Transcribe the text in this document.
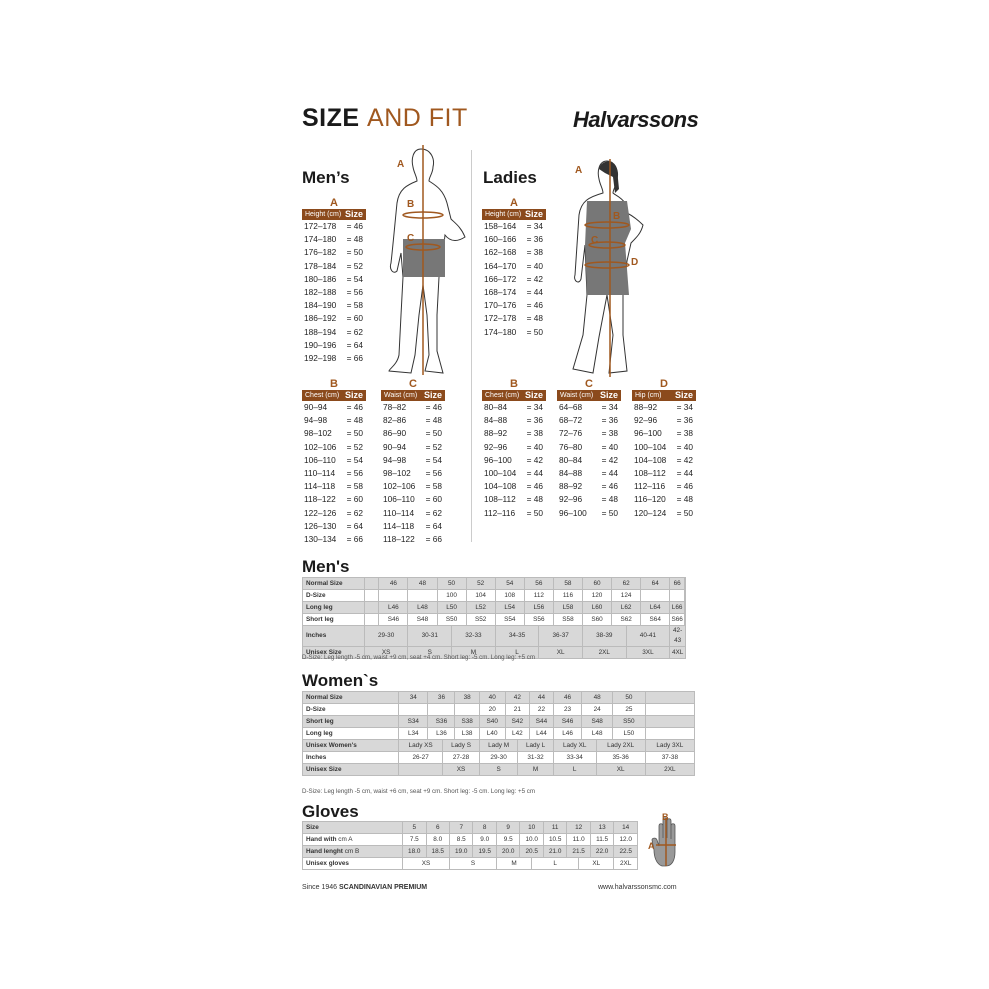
SIZE AND FIT	Halvarssons
Men’s	Ladies
A
B
C
A
B
C
D
A
Height (cm) Size
172–178 = 46
174–180 = 48
176–182 = 50
178–184 = 52
180–186 = 54
182–188 = 56
184–190 = 58
186–192 = 60
188–194 = 62
190–196 = 64
192–198 = 66
B
Chest (cm) Size
90–94 = 46
94–98 = 48
98–102 = 50
102–106 = 52
106–110 = 54
110–114 = 56
114–118 = 58
118–122 = 60
122–126 = 62
126–130 = 64
130–134 = 66
C
Waist (cm) Size
78–82 = 46
82–86 = 48
86–90 = 50
90–94 = 52
94–98 = 54
98–102 = 56
102–106 = 58
106–110 = 60
110–114 = 62
114–118 = 64
118–122 = 66
A
Height (cm) Size
158–164 = 34
160–166 = 36
162–168 = 38
164–170 = 40
166–172 = 42
168–174 = 44
170–176 = 46
172–178 = 48
174–180 = 50
B
Chest (cm) Size
80–84 = 34
84–88 = 36
88–92 = 38
92–96 = 40
96–100 = 42
100–104 = 44
104–108 = 46
108–112 = 48
112–116 = 50
C
Waist (cm) Size
64–68 = 34
68–72 = 36
72–76 = 38
76–80 = 40
80–84 = 42
84–88 = 44
88–92 = 46
92–96 = 48
96–100 = 50
D
Hip (cm) Size
88–92 = 34
92–96 = 36
96–100 = 38
100–104 = 40
104–108 = 42
108–112 = 44
112–116 = 46
116–120 = 48
120–124 = 50
Men's
Normal Size		46	48	50		52	54	56		58	60	62		64	66	
D-Size				100		104	108	112		116	120	124				
Long leg		L46	L48	L50		L52	L54	L56		L58	L60	L62		L64	L66	
Short leg		S46	S48	S50		S52	S54	S56		S58	S60	S62		S64	S66	
Inches	29-30		30-31		32-33		34-35		36-37		38-39		40-41		42-43	
Unisex Size	XS		S		M		L		XL		2XL		3XL		4XL	
D-Size: Leg length -5 cm, waist +9 cm, seat +4 cm. Short leg: -5 cm. Long leg: +5 cm
Women`s
Normal Size	34	36		38	40	42		44	46	48		50	
D-Size					20	21		22	23	24		25	
Short leg	S34	S36		S38	S40	S42		S44	S46	S48		S50	
Long leg	L34	L36		L38	L40	L42		L44	L46	L48		L50	
Unisex Women's	Lady XS		Lady S		Lady M		Lady L		Lady XL		Lady 2XL		Lady 3XL
Inches	26-27		27-28		29-30		31-32		33-34		35-36		37-38
Unisex Size			XS		S		M		L		XL		2XL
D-Size: Leg length -5 cm, waist +6 cm, seat +9 cm. Short leg: -5 cm. Long leg: +5 cm
Gloves
Size	5	6	7	8	9	10		11	12		13	14
Hand with cm A	7.5	8.0	8.5	9.0	9.5	10.0		10.5	11.0		11.5	12.0
Hand lenght cm B	18.0	18.5	19.0	19.5	20.0	20.5		21.0	21.5		22.0	22.5
Unisex gloves	XS		S		M		L			XL		2XL
B
A
Since 1946 SCANDINAVIAN PREMIUM	www.halvarssonsmc.com
